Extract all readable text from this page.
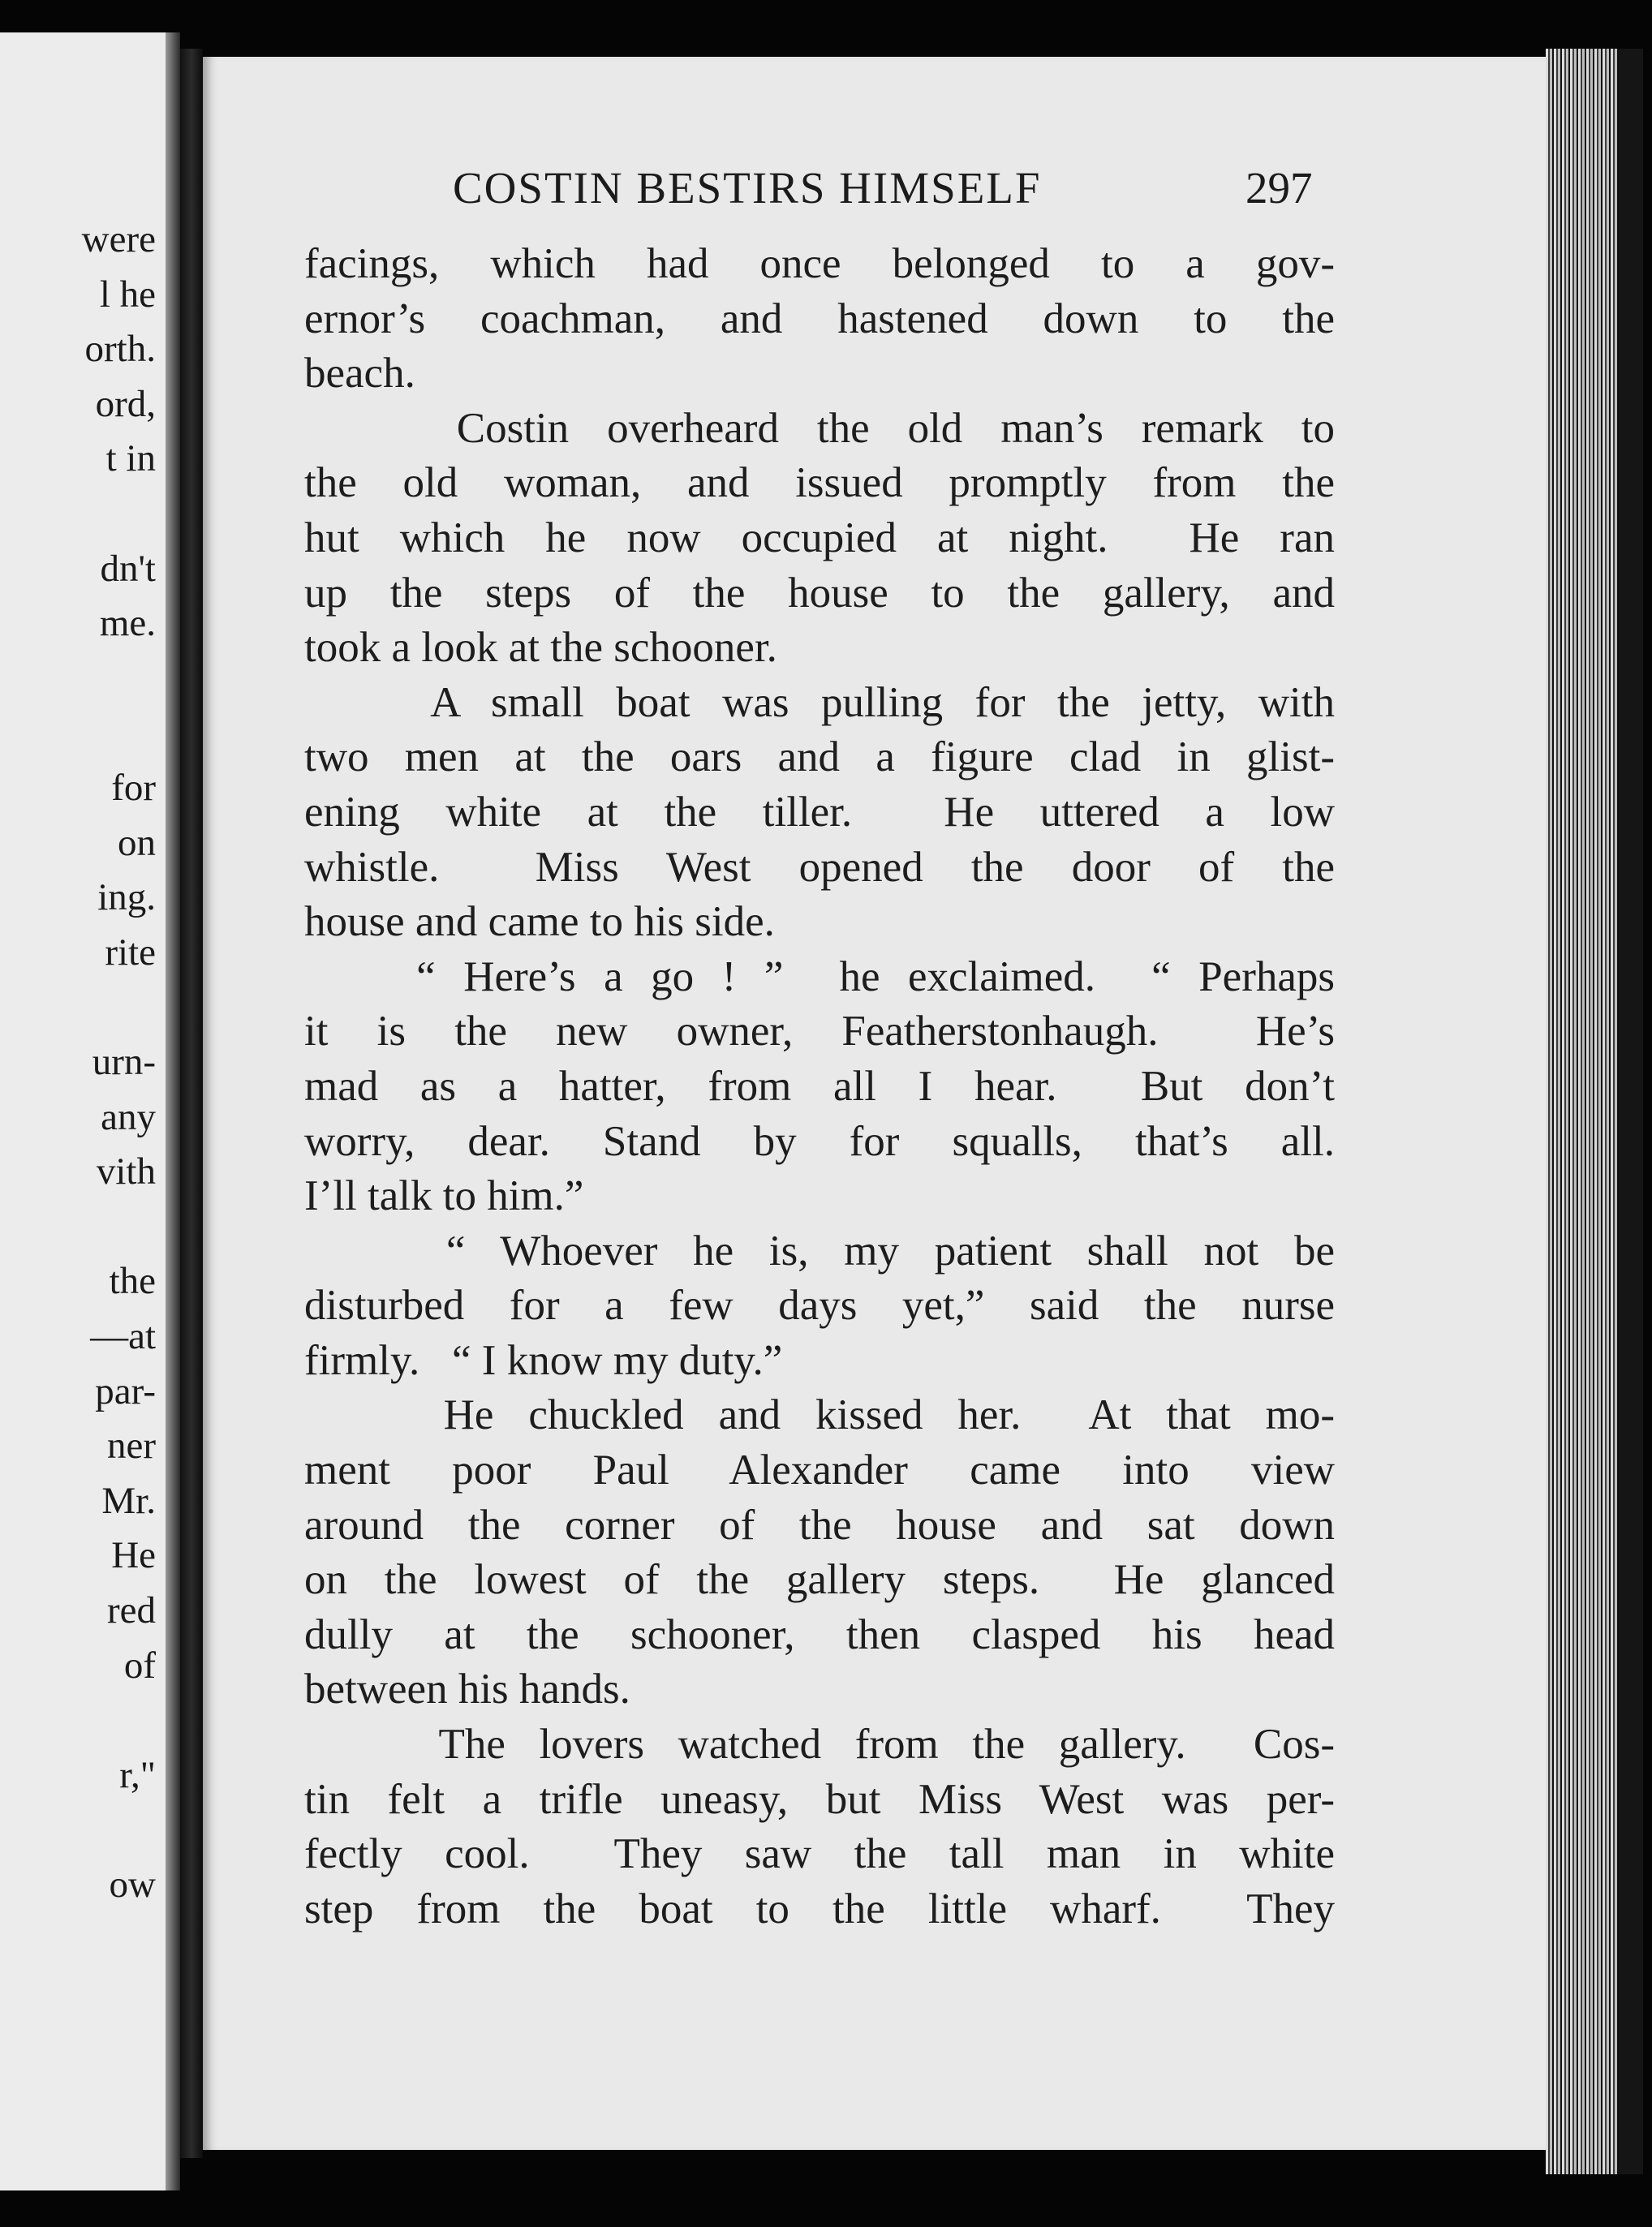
were
l he
orth.
ord,
t in
dn't
me.
for
on
ing.
rite
urn-
any
vith
the
—at
par-
ner
Mr.
He
red
of
r,"
ow
COSTIN BESTIRS HIMSELF	297
facings, which had once belonged to a gov-
ernor’s coachman, and hastened down to the
beach.
Costin overheard the old man’s remark to
the old woman, and issued promptly from the
hut which he now occupied at night.  He ran
up the steps of the house to the gallery, and
took a look at the schooner.
A small boat was pulling for the jetty, with
two men at the oars and a figure clad in glist-
ening white at the tiller.  He uttered a low
whistle.  Miss West opened the door of the
house and came to his side.
“ Here’s a go ! ”  he exclaimed.  “ Perhaps
it is the new owner, Featherstonhaugh.  He’s
mad as a hatter, from all I hear.  But don’t
worry, dear. Stand by for squalls, that’s all.
I’ll talk to him.”
“ Whoever he is, my patient shall not be
disturbed for a few days yet,” said the nurse
firmly.   “ I know my duty.”
He chuckled and kissed her.  At that mo-
ment poor Paul Alexander came into view
around the corner of the house and sat down
on the lowest of the gallery steps.  He glanced
dully at the schooner, then clasped his head
between his hands.
The lovers watched from the gallery.  Cos-
tin felt a trifle uneasy, but Miss West was per-
fectly cool.  They saw the tall man in white
step from the boat to the little wharf.  They
